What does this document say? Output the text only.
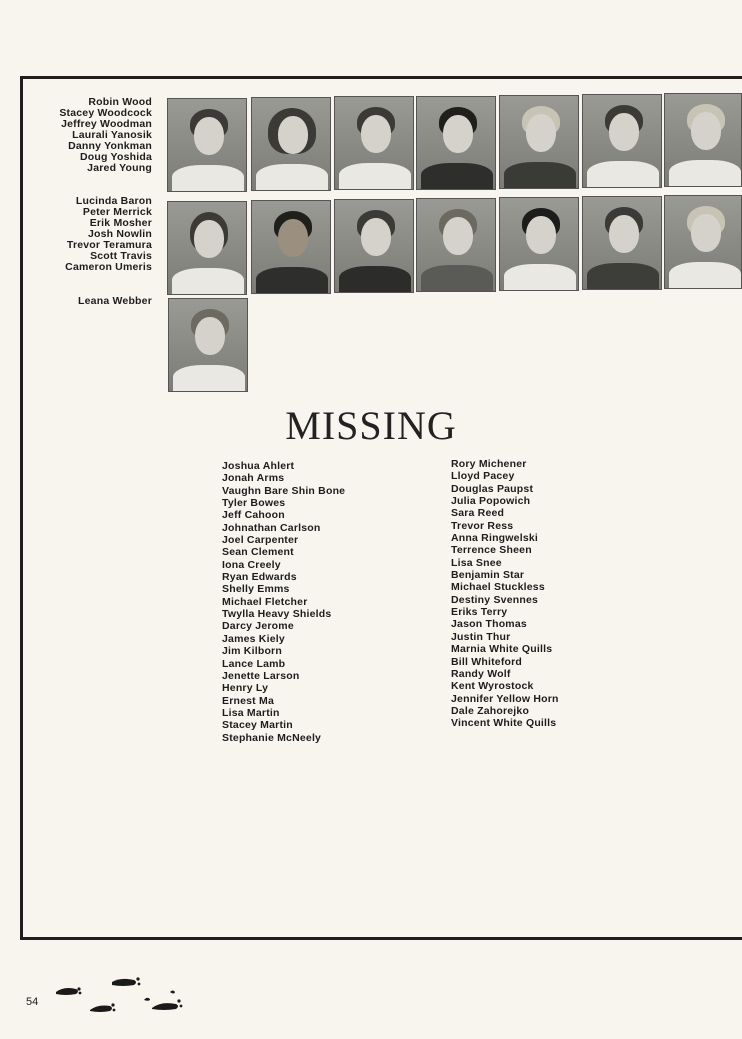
Robin Wood
Stacey Woodcock
Jeffrey Woodman
Laurali Yanosik
Danny Yonkman
Doug Yoshida
Jared Young
Lucinda Baron
Peter Merrick
Erik Mosher
Josh Nowlin
Trevor Teramura
Scott Travis
Cameron Umeris
Leana Webber
MISSING
Joshua Ahlert
Jonah Arms
Vaughn Bare Shin Bone
Tyler Bowes
Jeff Cahoon
Johnathan Carlson
Joel Carpenter
Sean Clement
Iona Creely
Ryan Edwards
Shelly Emms
Michael Fletcher
Twylla Heavy Shields
Darcy Jerome
James Kiely
Jim Kilborn
Lance Lamb
Jenette Larson
Henry Ly
Ernest Ma
Lisa Martin
Stacey Martin
Stephanie McNeely
Rory Michener
Lloyd Pacey
Douglas Paupst
Julia Popowich
Sara Reed
Trevor Ress
Anna Ringwelski
Terrence Sheen
Lisa Snee
Benjamin Star
Michael Stuckless
Destiny Svennes
Eriks Terry
Jason Thomas
Justin Thur
Marnia White Quills
Bill Whiteford
Randy Wolf
Kent Wyrostock
Jennifer Yellow Horn
Dale Zahorejko
Vincent White Quills
54
